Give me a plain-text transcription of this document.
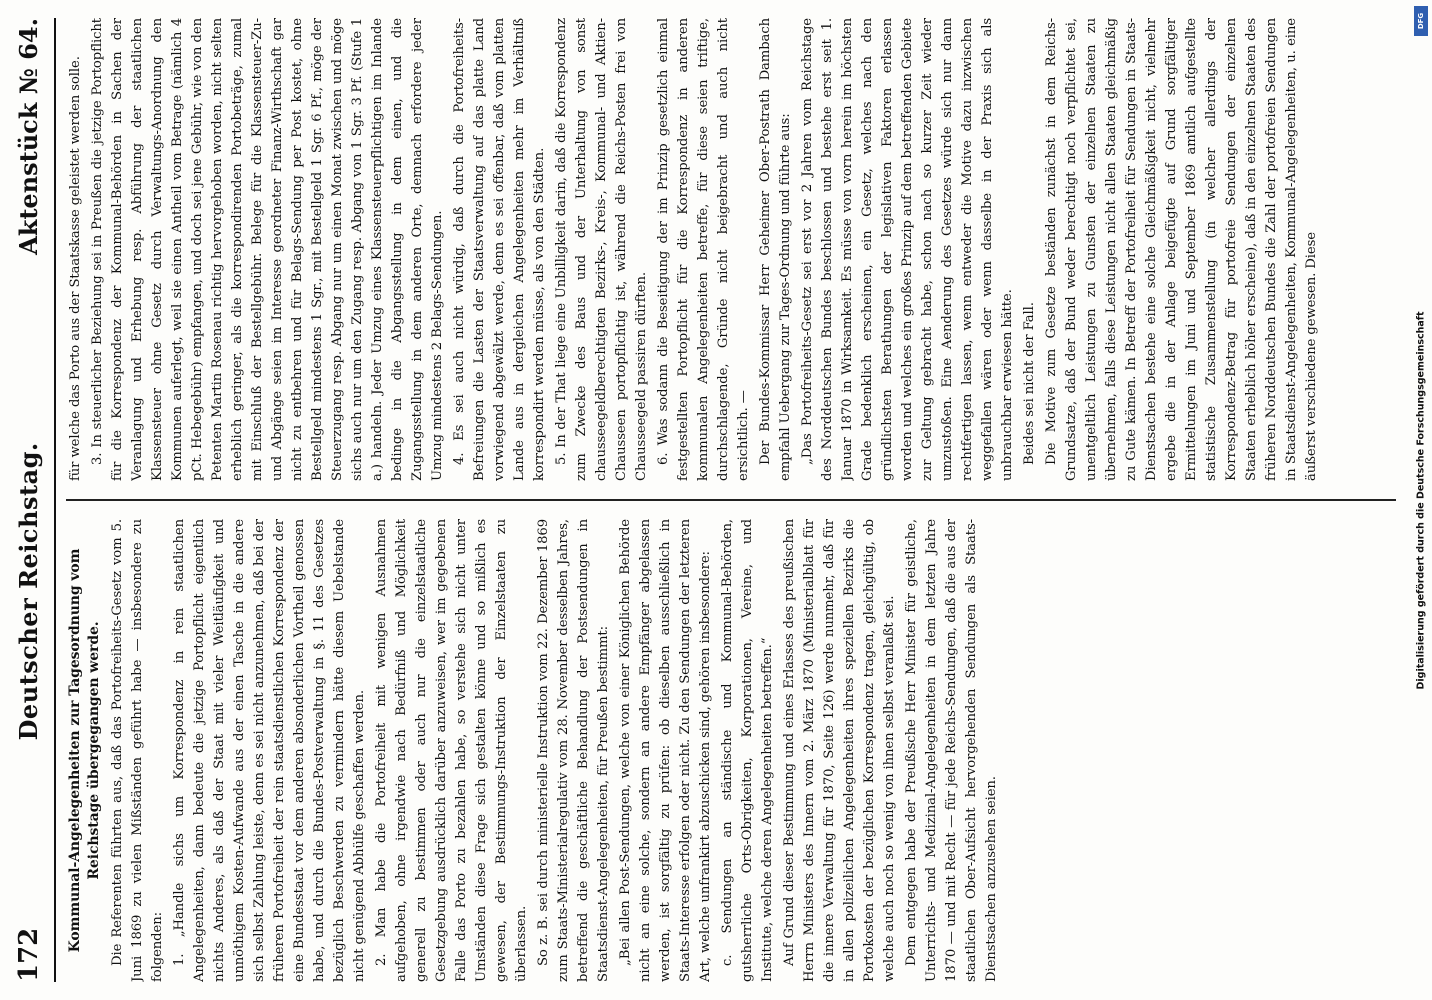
172
Deutscher Reichstag.
Aktenstück № 64.
Kommunal-Angelegenheiten zur Tagesordnung vom Reichstage übergegangen werde. Die Referenten führten aus, daß das Portofreiheits-Gesetz vom 5. Juni 1869 zu vielen Mißständen geführt habe — insbesondere zu folgenden: 1. „Handle sichs um Korrespondenz in rein staatlichen Angelegenheiten, dann bedeute die jetzige Portopflicht eigentlich nichts Anderes, als daß der Staat mit vieler Weitläufigkeit und unnöthigem Kosten-Aufwande aus der einen Tasche in die andere sich selbst Zahlung leiste, denn es sei nicht anzunehmen, daß bei der früheren Portofreiheit der rein staatsdienstlichen Korrespondenz der eine Bundesstaat vor dem anderen absonderlichen Vortheil genossen habe, und durch die Bundes-Postverwaltung in §. 11 des Gesetzes bezüglich Beschwerden zu vermindern hätte diesem Uebelstande nicht genügend Abhülfe geschaffen werden. 2. Man habe die Portofreiheit mit wenigen Ausnahmen aufgehoben, ohne irgendwie nach Bedürfniß und Möglichkeit generell zu bestimmen oder auch nur die einzelstaatliche Gesetzgebung ausdrücklich darüber anzuweisen, wer im gegebenen Falle das Porto zu bezahlen habe, so verstehe sich nicht unter Umständen diese Frage sich gestalten könne und so mißlich es gewesen, der Bestimmungs-Instruktion der Einzelstaaten zu überlassen. So z. B. sei durch ministerielle Instruktion vom 22. Dezember 1869 zum Staats-Ministerialregulativ vom 28. November desselben Jahres, betreffend die geschäftliche Behandlung der Postsendungen in Staatsdienst-Angelegenheiten, für Preußen bestimmt: „Bei allen Post-Sendungen, welche von einer Königlichen Behörde nicht an eine solche, sondern an andere Empfänger abgelassen werden, ist sorgfältig zu prüfen: ob dieselben ausschließlich in Staats-Interesse erfolgen oder nicht. Zu den Sendungen der letzteren Art, welche unfrankirt abzuschicken sind, gehören insbesondere: c. Sendungen an ständische und Kommunal-Behörden, gutsherrliche Orts-Obrigkeiten, Korporationen, Vereine, und Institute, welche deren Angelegenheiten betreffen.“ Auf Grund dieser Bestimmung und eines Erlasses des preußischen Herrn Ministers des Innern vom 2. März 1870 (Ministerialblatt für die innere Verwaltung für 1870, Seite 126) werde nunmehr, daß für in allen polizeilichen Angelegenheiten ihres speziellen Bezirks die Portokosten der bezüglichen Korrespondenz tragen, gleichgültig, ob welche auch noch so wenig von ihnen selbst veranlaßt sei. Dem entgegen habe der Preußische Herr Minister für geistliche, Unterrichts- und Medizinal-Angelegenheiten in dem letzten Jahre 1870 — und mit Recht — für jede Reichs-Sendungen, daß die aus der staatlichen Ober-Aufsicht hervorgehenden Sendungen als Staats-Dienstsachen anzusehen seien.

für welche das Porto aus der Staatskasse geleistet werden solle. 3. In steuerlicher Beziehung sei in Preußen die jetzige Portopflicht für die Korrespondenz der Kommunal-Behörden in Sachen der Veranlagung und Erhebung resp. Abführung der staatlichen Klassensteuer ohne Gesetz durch Verwaltungs-Anordnung den Kommunen auferlegt, weil sie einen Antheil vom Betrage (nämlich 4 pCt. Hebegebühr) empfangen, und doch sei jene Gebühr, wie von den Petenten Martin Rosenau richtig hervorgehoben worden, nicht selten erheblich geringer, als die korrespondirenden Portobeträge, zumal mit Einschluß der Bestellgebühr. Belege für die Klassensteuer-Zu- und Abgänge seien im Interesse geordneter Finanz-Wirthschaft gar nicht zu entbehren und für Belags-Sendung per Post kostet, ohne Bestellgeld mindestens 1 Sgr., mit Bestellgeld 1 Sgr. 6 Pf., möge der Steuerzugang resp. Abgang nur um einen Monat zwischen und möge sichs auch nur um den Zugang resp. Abgang von 1 Sgr. 3 Pf. (Stufe 1 a.) handeln. Jeder Umzug eines Klassensteuerpflichtigen im Inlande bedinge in die Abgangsstellung in dem einen, und die Zugangsstellung in dem anderen Orte, demnach erfordere jeder Umzug mindestens 2 Belags-Sendungen. 4. Es sei auch nicht würdig, daß durch die Portofreiheits-Befreiungen die Lasten der Staatsverwaltung auf das platte Land vorwiegend abgewälzt werde, denn es sei offenbar, daß vom platten Lande aus in dergleichen Angelegenheiten mehr im Verhältniß korrespondirt werden müsse, als von den Städten. 5. In der That liege eine Unbilligkeit darin, daß die Korrespondenz zum Zwecke des Baus und der Unterhaltung von sonst chausseegeldberechtigten Bezirks-, Kreis-, Kommunal- und Aktien-Chausseen portopflichtig ist, während die Reichs-Posten frei von Chausseegeld passiren dürften. 6. Was sodann die Beseitigung der im Prinzip gesetzlich einmal festgestellten Portopflicht für die Korrespondenz in anderen kommunalen Angelegenheiten betreffe, für diese seien triftige, durchschlagende, Gründe nicht beigebracht und auch nicht ersichtlich. — Der Bundes-Kommissar Herr Geheimer Ober-Postrath Dambach empfahl Uebergang zur Tages-Ordnung und führte aus: „Das Portofreiheits-Gesetz sei erst vor 2 Jahren vom Reichstage des Norddeutschen Bundes beschlossen und bestehe erst seit 1. Januar 1870 in Wirksamkeit. Es müsse von vorn herein im höchsten Grade bedenklich erscheinen, ein Gesetz, welches nach den gründlichsten Berathungen der legislativen Faktoren erlassen worden und welches ein großes Prinzip auf dem betreffenden Gebiete zur Geltung gebracht habe, schon nach so kurzer Zeit wieder umzustoßen. Eine Aenderung des Gesetzes würde sich nur dann rechtfertigen lassen, wenn entweder die Motive dazu inzwischen weggefallen wären oder wenn dasselbe in der Praxis sich als unbrauchbar erwiesen hätte. Beides sei nicht der Fall. Die Motive zum Gesetze beständen zunächst in dem Reichs-Grundsatze, daß der Bund weder berechtigt noch verpflichtet sei, unentgeltlich Leistungen zu Gunsten der einzelnen Staaten zu übernehmen, falls diese Leistungen nicht allen Staaten gleichmäßig zu Gute kämen. In Betreff der Portofreiheit für Sendungen in Staats-Dienstsachen bestehe eine solche Gleichmäßigkeit nicht, vielmehr ergebe die in der Anlage beigefügte auf Grund sorgfältiger Ermittelungen im Juni und September 1869 amtlich aufgestellte statistische Zusammenstellung (in welcher allerdings der Korrespondenz-Betrag für portofreie Sendungen der einzelnen Staaten erheblich höher erscheine), daß in den einzelnen Staaten des früheren Norddeutschen Bundes die Zahl der portofreien Sendungen in Staatsdienst-Angelegenheiten, Kommunal-Angelegenheiten, u. eine äußerst verschiedene gewesen. Diese	Digitalisierung gefördert durch die Deutsche Forschungsgemeinschaft
DFG
